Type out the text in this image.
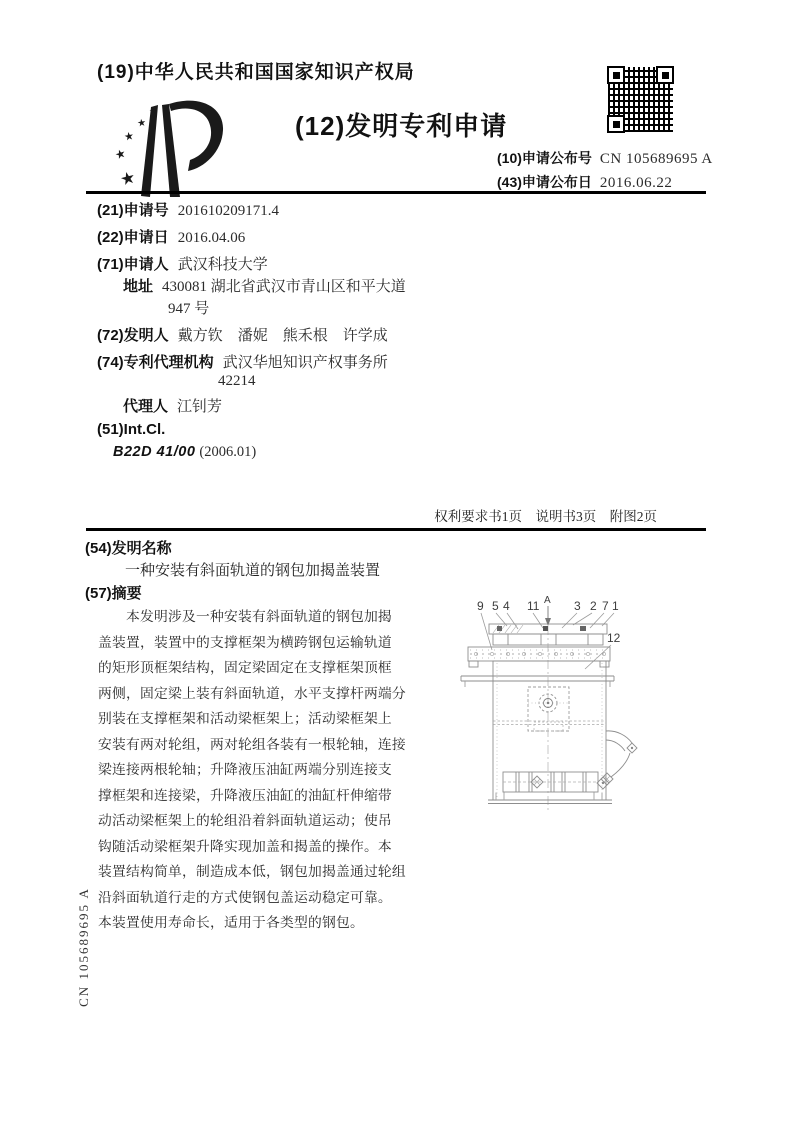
(19)中华人民共和国国家知识产权局
★
★
★
★
★	(12)发明专利申请
(10)申请公布号 CN 105689695 A
(43)申请公布日 2016.06.22
(21)申请号 201610209171.4
(22)申请日 2016.04.06
(71)申请人 武汉科技大学
地址 430081 湖北省武汉市青山区和平大道
947 号
(72)发明人 戴方钦　潘妮　熊禾根　许学成
(74)专利代理机构 武汉华旭知识产权事务所
42214
代理人 江钊芳
(51)Int.Cl.
B22D 41/00 (2006.01)
权利要求书1页　说明书3页　附图2页
(54)发明名称
一种安装有斜面轨道的钢包加揭盖装置
(57)摘要
　　本发明涉及一种安装有斜面轨道的钢包加揭
盖装置，装置中的支撑框架为横跨钢包运输轨道
的矩形顶框架结构，固定梁固定在支撑框架顶框
两侧，固定梁上装有斜面轨道，水平支撑杆两端分
别装在支撑框架和活动梁框架上；活动梁框架上
安装有两对轮组，两对轮组各装有一根轮轴，连接
梁连接两根轮轴；升降液压油缸两端分别连接支
撑框架和连接梁，升降液压油缸的油缸杆伸缩带
动活动梁框架上的轮组沿着斜面轨道运动；使吊
钩随活动梁框架升降实现加盖和揭盖的操作。本
装置结构简单，制造成本低，钢包加揭盖通过轮组
沿斜面轨道行走的方式使钢包盖运动稳定可靠。
本装置使用寿命长，适用于各类型的钢包。
9 5 4 11 A 3 2 7 1
12
CN 105689695 A
